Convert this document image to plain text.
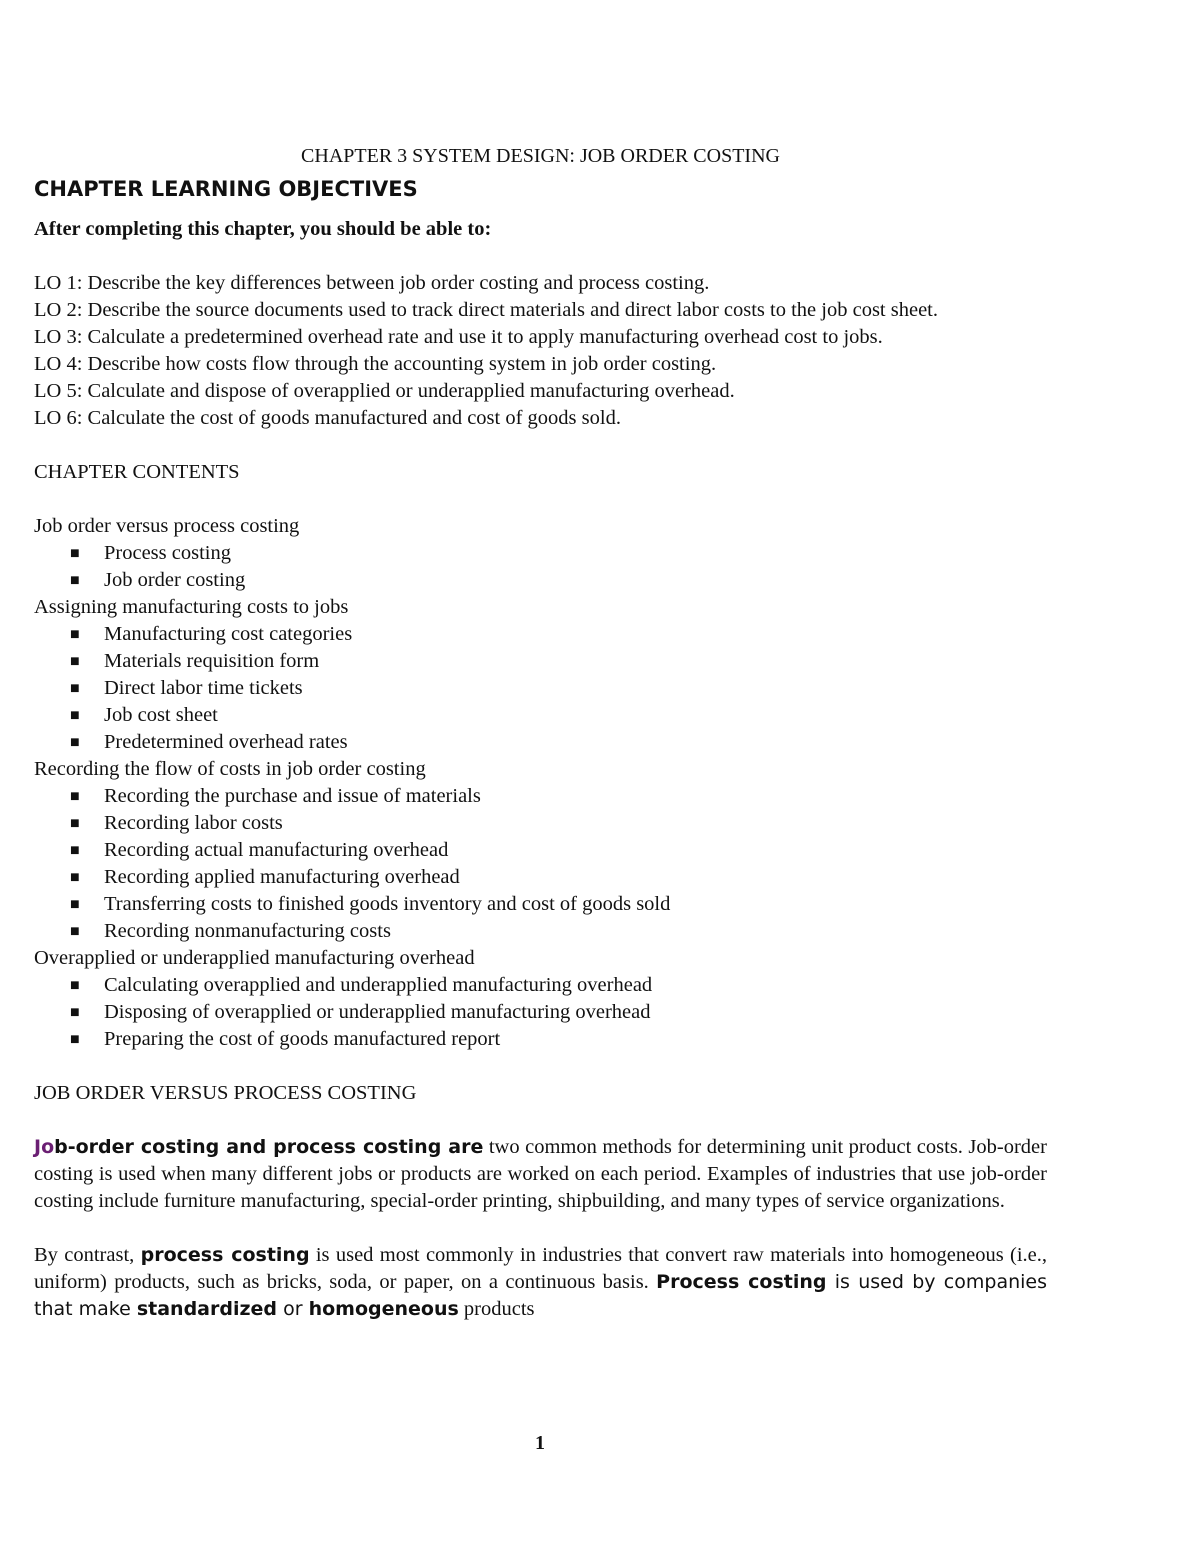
CHAPTER 3 SYSTEM DESIGN: JOB ORDER COSTING

CHAPTER LEARNING OBJECTIVES

After completing this chapter, you should be able to:

LO 1: Describe the key differences between job order costing and process costing.
LO 2: Describe the source documents used to track direct materials and direct labor costs to the job cost sheet.
LO 3: Calculate a predetermined overhead rate and use it to apply manufacturing overhead cost to jobs.
LO 4: Describe how costs flow through the accounting system in job order costing.
LO 5: Calculate and dispose of overapplied or underapplied manufacturing overhead.
LO 6: Calculate the cost of goods manufactured and cost of goods sold.
CHAPTER CONTENTS

Job order versus process costing

■ Process costing
■ Job order costing

Assigning manufacturing costs to jobs

■ Manufacturing cost categories
■ Materials requisition form
■ Direct labor time tickets
■ Job cost sheet
■ Predetermined overhead rates

Recording the flow of costs in job order costing

■ Recording the purchase and issue of materials
■ Recording labor costs
■ Recording actual manufacturing overhead
■ Recording applied manufacturing overhead
■ Transferring costs to finished goods inventory and cost of goods sold
■ Recording nonmanufacturing costs

Overapplied or underapplied manufacturing overhead

■ Calculating overapplied and underapplied manufacturing overhead
■ Disposing of overapplied or underapplied manufacturing overhead
■ Preparing the cost of goods manufactured report
JOB ORDER VERSUS PROCESS COSTING

Job-order costing and process costing are two common methods for determining unit product costs. Job-order costing is used when many different jobs or products are worked on each period. Examples of industries that use job-order costing include furniture manufacturing, special-order printing, shipbuilding, and many types of service organizations.

By contrast, process costing is used most commonly in industries that convert raw materials into homogeneous (i.e., uniform) products, such as bricks, soda, or paper, on a continuous basis. Process costing is used by companies that make standardized or homogeneous products

1
